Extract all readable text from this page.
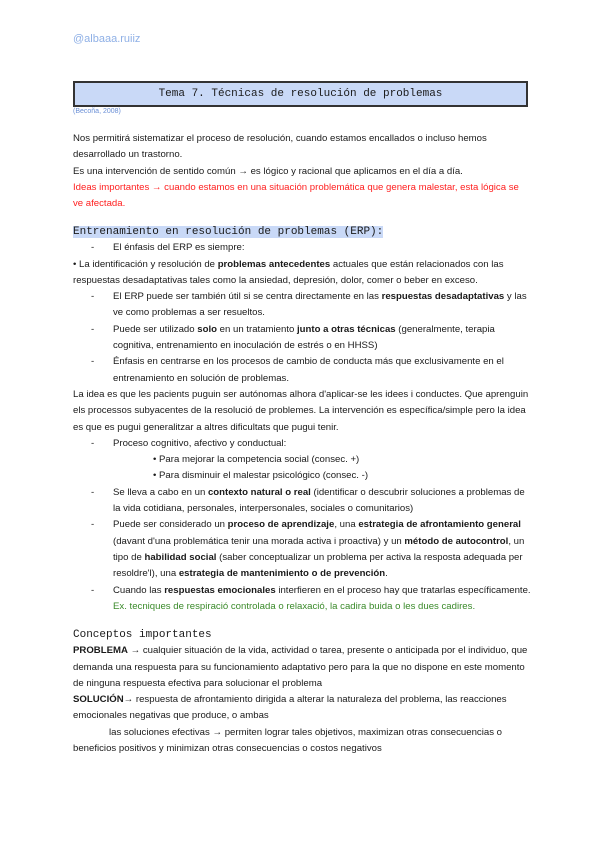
@albaaa.ruiiz
Tema 7. Técnicas de resolución de problemas
(Becoña, 2008)

Nos permitirá sistematizar el proceso de resolución, cuando estamos encallados o incluso hemos desarrollado un trastorno.

Es una intervención de sentido común → es lógico y racional que aplicamos en el día a día.

Ideas importantes → cuando estamos en una situación problemática que genera malestar, esta lógica se ve afectada.

Entrenamiento en resolución de problemas (ERP):

- El énfasis del ERP es siempre:

• La identificación y resolución de problemas antecedentes actuales que están relacionados con las respuestas desadaptativas tales como la ansiedad, depresión, dolor, comer o beber en exceso.

- El ERP puede ser también útil si se centra directamente en las respuestas desadaptativas y las ve como problemas a ser resueltos.

- Puede ser utilizado solo en un tratamiento junto a otras técnicas (generalmente, terapia cognitiva, entrenamiento en inoculación de estrés o en HHSS)

- Énfasis en centrarse en los procesos de cambio de conducta más que exclusivamente en el entrenamiento en solución de problemas.

La idea es que les pacients puguin ser autónomas alhora d'aplicar-se les idees i conductes. Que aprenguin els processos subyacentes de la resolució de problemes. La intervención es específica/simple pero la idea es que es pugui generalitzar a altres dificultats que pugui tenir.

- Proceso cognitivo, afectivo y conductual:

• Para mejorar la competencia social (consec. +)

• Para disminuir el malestar psicológico (consec. -)

- Se lleva a cabo en un contexto natural o real (identificar o descubrir soluciones a problemas de la vida cotidiana, personales, interpersonales, sociales o comunitarios)

- Puede ser considerado un proceso de aprendizaje, una estrategia de afrontamiento general (davant d'una problemática tenir una morada activa i proactiva) y un método de autocontrol, un tipo de habilidad social (saber conceptualizar un problema per activa la resposta adequada per resoldre'l), una estrategia de mantenimiento o de prevención.

- Cuando las respuestas emocionales interfieren en el proceso hay que tratarlas específicamente. Ex. tecniques de respiració controlada o relaxació, la cadira buida o les dues cadires.

Conceptos importantes

PROBLEMA → cualquier situación de la vida, actividad o tarea, presente o anticipada por el individuo, que demanda una respuesta para su funcionamiento adaptativo pero para la que no dispone en este momento de ninguna respuesta efectiva para solucionar el problema

SOLUCIÓN→ respuesta de afrontamiento dirigida a alterar la naturaleza del problema, las reacciones emocionales negativas que produce, o ambas

las soluciones efectivas → permiten lograr tales objetivos, maximizan otras consecuencias o beneficios positivos y minimizan otras consecuencias o costos negativos
